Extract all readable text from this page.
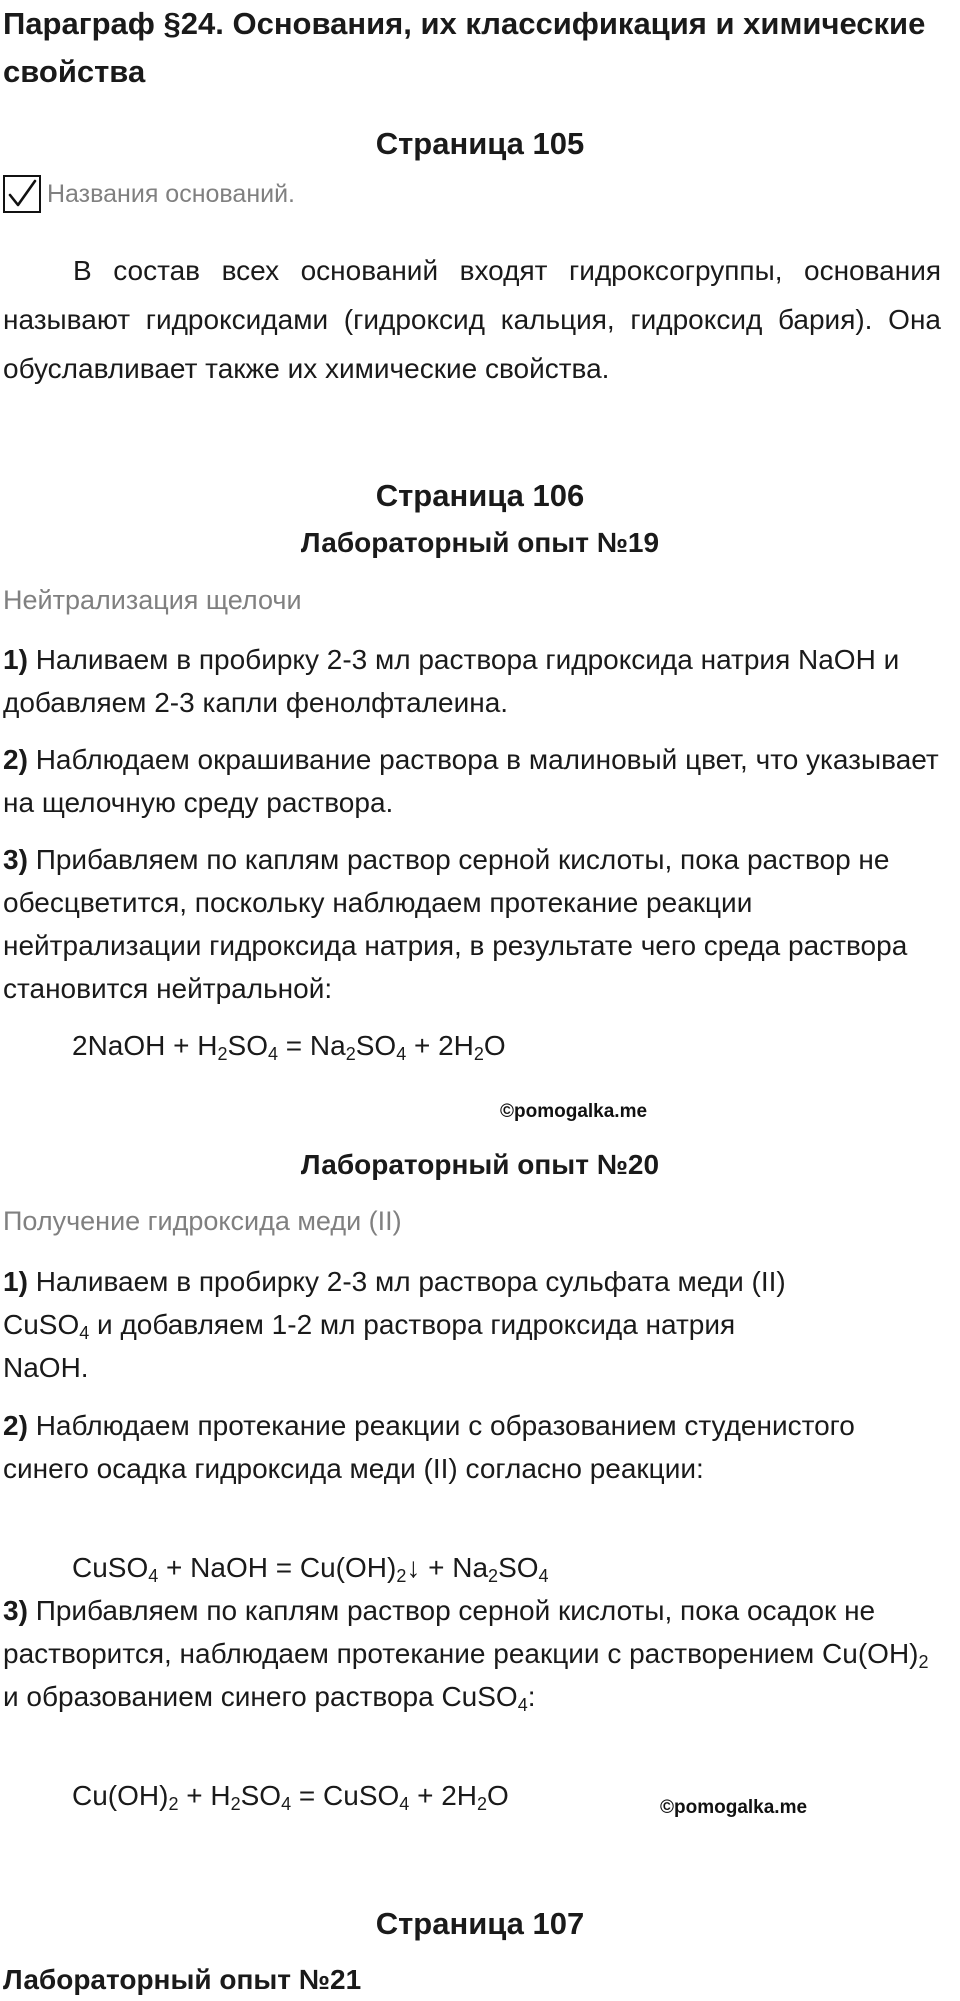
Параграф §24. Основания, их классификация и химические свойства
Страница 105
Названия оснований.
В состав всех оснований входят гидроксогруппы, основания называют гидроксидами (гидроксид кальция, гидроксид бария). Она обуславливает также их химические свойства.
Страница 106
Лабораторный опыт №19
Нейтрализация щелочи
1) Наливаем в пробирку 2-3 мл раствора гидроксида натрия NaOH и добавляем 2-3 капли фенолфталеина.
2) Наблюдаем окрашивание раствора в малиновый цвет, что указывает на щелочную среду раствора.
3) Прибавляем по каплям раствор серной кислоты, пока раствор не обесцветится, поскольку наблюдаем протекание реакции нейтрализации гидроксида натрия, в результате чего среда раствора становится нейтральной:
2NaOH + $H_2SO_4 = Na_2SO_4 + 2H_2O$
©pomogalka.me
Лабораторный опыт №20
Получение гидроксида меди (II)
1) Наливаем в пробирку 2-3 мл раствора сульфата меди (II)
CuSO$_4$ и добавляем 1-2 мл раствора гидроксида натрия
NaOH.
2) Наблюдаем протекание реакции с образованием студенистого синего осадка гидроксида меди (II) согласно реакции:
CuSO$_4$ + NaOH = $Cu(OH)_2↓ + Na_2SO_4$
3) Прибавляем по каплям раствор серной кислоты, пока осадок не растворится, наблюдаем протекание реакции с растворением $Cu(OH)_2$ и образованием синего раствора CuSO$_4$:
$Cu(OH)_2 + H_2SO_4$ = CuSO$_4$ + $2H_2O$	©pomogalka.me
Страница 107
Лабораторный опыт №21
